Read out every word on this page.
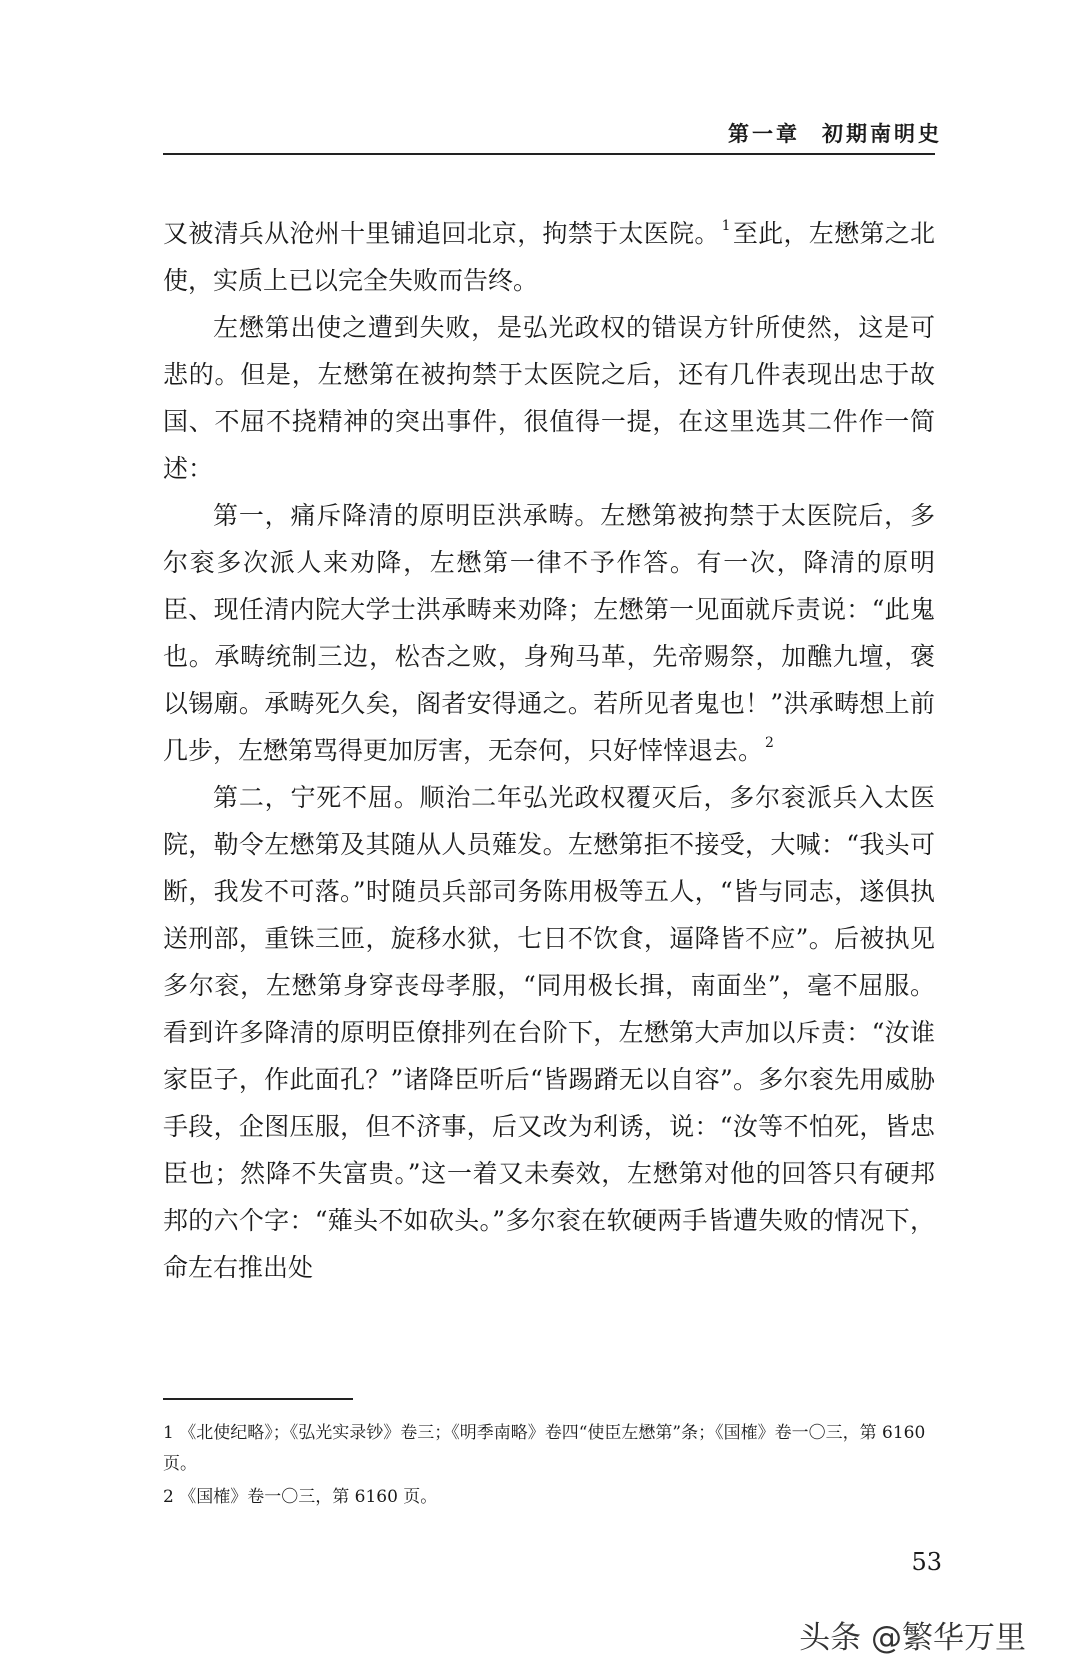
第一章 初期南明史

又被清兵从沧州十里铺追回北京，拘禁于太医院。 $^1$至此，左懋第之北使，实质上已以完全失败而告终。

左懋第出使之遭到失败，是弘光政权的错误方针所使然，这是可悲的。但是，左懋第在被拘禁于太医院之后，还有几件表现出忠于故国、不屈不挠精神的突出事件，很值得一提，在这里选其二件作一简述：

第一，痛斥降清的原明臣洪承畴。左懋第被拘禁于太医院后，多尔衮多次派人来劝降，左懋第一律不予作答。有一次，降清的原明臣、现任清内院大学士洪承畴来劝降；左懋第一见面就斥责说：“此鬼也。承畴统制三边，松杏之败，身殉马革，先帝赐祭，加醮九壇，褒以锡廟。承畴死久矣，阁者安得通之。若所见者鬼也！”洪承畴想上前几步，左懋第骂得更加厉害，无奈何，只好悻悻退去。 $^2$

第二，宁死不屈。顺治二年弘光政权覆灭后，多尔衮派兵入太医院，勒令左懋第及其随从人员薙发。左懋第拒不接受，大喊：“我头可断，我发不可落。”时随员兵部司务陈用极等五人，“皆与同志，遂俱执送刑部，重铢三匝，旋移水狱，七日不饮食，逼降皆不应”。后被执见多尔衮，左懋第身穿丧母孝服，“同用极长揖，南面坐”，毫不屈服。看到许多降清的原明臣僚排列在台阶下，左懋第大声加以斥责：“汝谁家臣子，作此面孔？”诸降臣听后“皆踢蹐无以自容”。多尔衮先用威胁手段，企图压服，但不济事，后又改为利诱，说：“汝等不怕死，皆忠臣也；然降不失富贵。”这一着又未奏效，左懋第对他的回答只有硬邦邦的六个字：“薙头不如砍头。”多尔衮在软硬两手皆遭失败的情况下，命左右推出处

1 《北使纪略》；《弘光实录钞》卷三；《明季南略》卷四“使臣左懋第”条；《国榷》卷一〇三，第 6160 页。
2 《国榷》卷一〇三，第 6160 页。
53
头条 @繁华万里
